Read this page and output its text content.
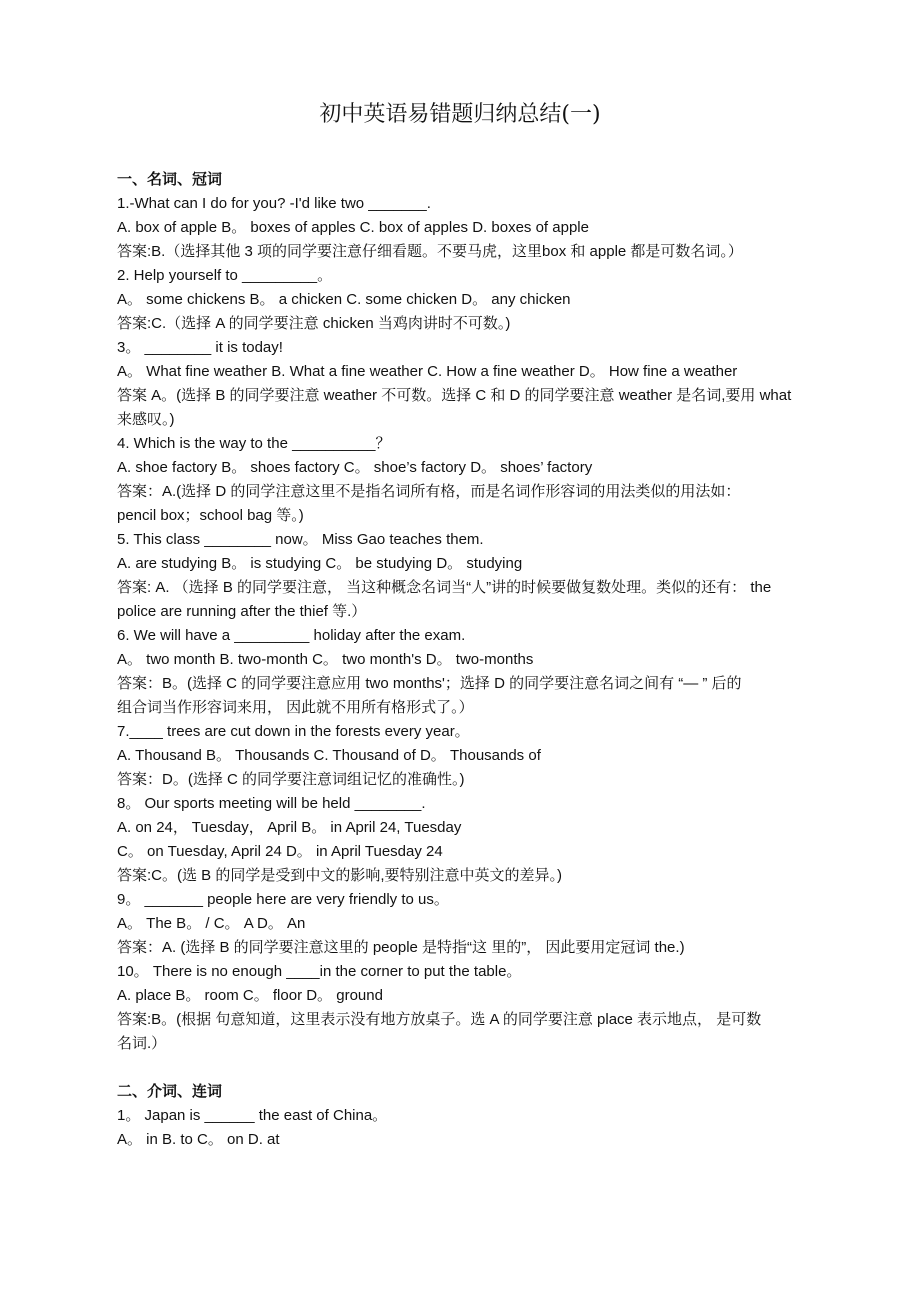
初中英语易错题归纳总结(一)
一、名词、冠词
1.-What can I do for you? -I'd like two _______.
A. box of apple B。 boxes of apples C. box of apples D. boxes of apple
答案:B.（选择其他 3 项的同学要注意仔细看题。不要马虎，这里box 和 apple 都是可数名词。）
2. Help yourself to _________。
A。 some chickens B。 a chicken C. some chicken D。 any chicken
答案:C.（选择 A 的同学要注意 chicken 当鸡肉讲时不可数。)
3。 ________ it is today!
A。 What fine weather B. What a fine weather C. How a fine weather D。 How fine a weather
答案 A。(选择 B 的同学要注意 weather 不可数。选择 C 和 D 的同学要注意 weather 是名词,要用 what
来感叹。)
4. Which is the way to the __________？
A. shoe factory B。 shoes factory C。 shoe’s factory D。 shoes’ factory
答案：A.(选择 D 的同学注意这里不是指名词所有格，而是名词作形容词的用法类似的用法如：
pencil box；school bag 等。)
5. This class ________ now。 Miss Gao teaches them.
A. are studying B。 is studying C。 be studying D。 studying
答案: A. （选择 B 的同学要注意， 当这种概念名词当“人”讲的时候要做复数处理。类似的还有： the
police are running after the thief 等.）
6. We will have a _________ holiday after the exam.
A。 two month B. two-month C。 two month's D。 two-months
答案：B。(选择 C 的同学要注意应用 two months'；选择 D 的同学要注意名词之间有 “— ” 后的
组合词当作形容词来用， 因此就不用所有格形式了。）
7.____ trees are cut down in the forests every year。
A. Thousand B。 Thousands C. Thousand of D。 Thousands of
答案：D。(选择 C 的同学要注意词组记忆的准确性。)
8。 Our sports meeting will be held ________.
A. on 24， Tuesday， April B。 in April 24, Tuesday
C。 on Tuesday, April 24 D。 in April Tuesday 24
答案:C。(选 B 的同学是受到中文的影响,要特别注意中英文的差异。)
9。 _______ people here are very friendly to us。
A。 The B。 / C。 A D。 An
答案：A. (选择 B 的同学要注意这里的 people 是特指“这 里的”， 因此要用定冠词 the.)
10。 There is no enough ____in the corner to put the table。
A. place B。 room C。 floor D。 ground
答案:B。(根据 句意知道，这里表示没有地方放桌子。选 A 的同学要注意 place 表示地点， 是可数
名词.）
二、介词、连词
1。 Japan is ______ the east of China。
A。 in B. to C。 on D. at
